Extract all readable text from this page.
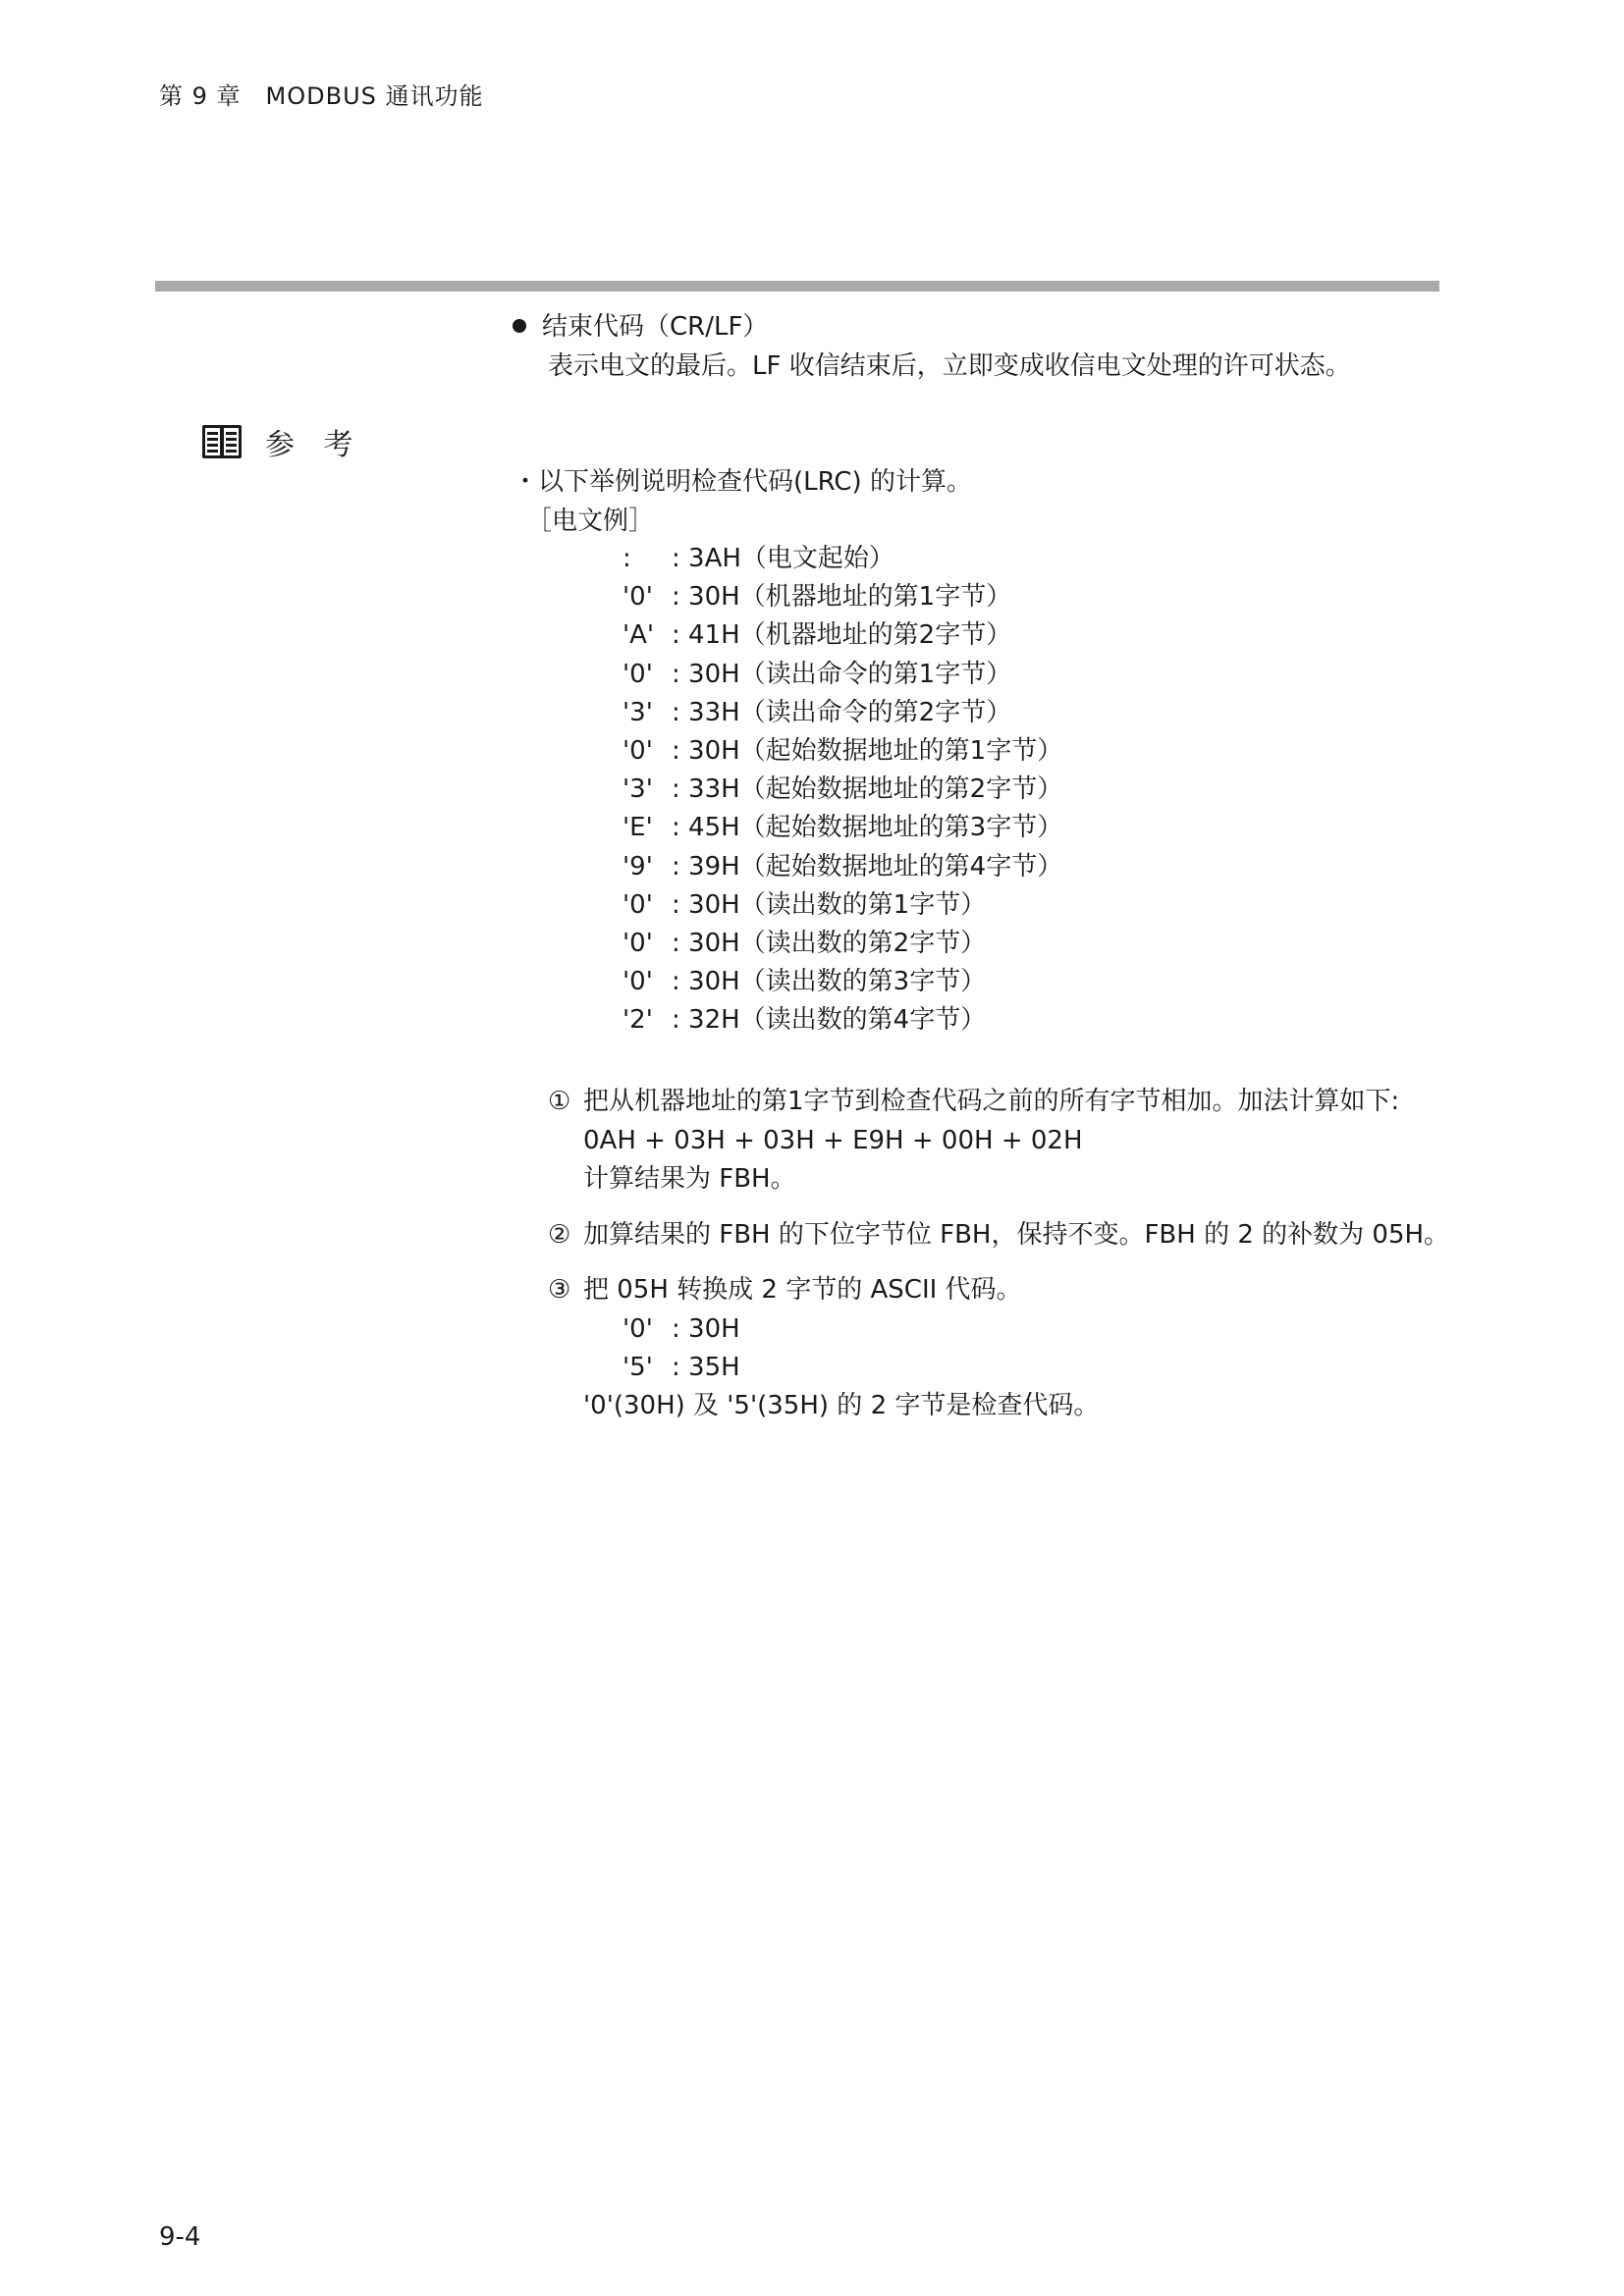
第 9 章　MODBUS 通讯功能
结束代码（CR/LF）
表示电文的最后。LF 收信结束后，立即变成收信电文处理的许可状态。
参 考
・以下举例说明检查代码(LRC) 的计算。
［电文例］
:	: 3AH（电文起始）
'0' : 30H（机器地址的第1字节）
'A' : 41H（机器地址的第2字节）
'0' : 30H（读出命令的第1字节）
'3' : 33H（读出命令的第2字节）
'0' : 30H（起始数据地址的第1字节）
'3' : 33H（起始数据地址的第2字节）
'E' : 45H（起始数据地址的第3字节）
'9' : 39H（起始数据地址的第4字节）
'0' : 30H（读出数的第1字节）
'0' : 30H（读出数的第2字节）
'0' : 30H（读出数的第3字节）
'2' : 32H（读出数的第4字节）
① 把从机器地址的第1字节到检查代码之前的所有字节相加。加法计算如下:
0AH + 03H + 03H + E9H + 00H + 02H
计算结果为 FBH。
② 加算结果的 FBH 的下位字节位 FBH，保持不变。FBH 的 2 的补数为 05H。
③ 把 05H 转换成 2 字节的 ASCII 代码。
'0' : 30H
'5' : 35H
'0'(30H) 及 '5'(35H) 的 2 字节是检查代码。
9-4
